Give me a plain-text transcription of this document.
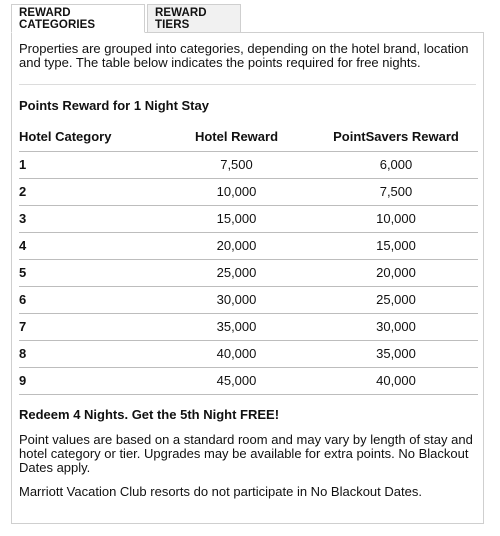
REWARD CATEGORIES
REWARD TIERS

Properties are grouped into categories, depending on the hotel brand, location and type. The table below indicates the points required for free nights.

Points Reward for 1 Night Stay
Hotel Category	Hotel Reward	PointSavers Reward
1	7,500	6,000
2	10,000	7,500
3	15,000	10,000
4	20,000	15,000
5	25,000	20,000
6	30,000	25,000
7	35,000	30,000
8	40,000	35,000
9	45,000	40,000
Redeem 4 Nights. Get the 5th Night FREE!

Point values are based on a standard room and may vary by length of stay and hotel category or tier. Upgrades may be available for extra points. No Blackout Dates apply.

Marriott Vacation Club resorts do not participate in No Blackout Dates.
